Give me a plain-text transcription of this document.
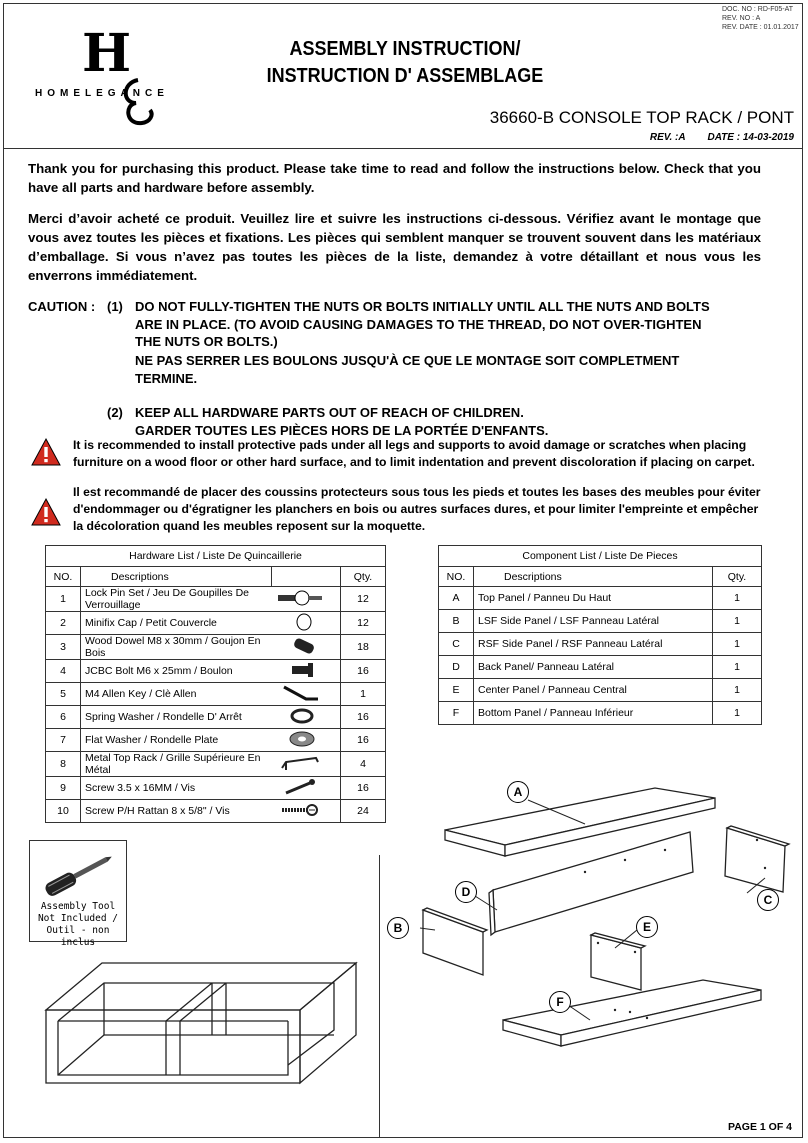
DOC. NO : RD-F05-AT
REV. NO : A
REV. DATE : 01.01.2017
H
HOMELEGANCE
ASSEMBLY INSTRUCTION/
INSTRUCTION D' ASSEMBLAGE
36660-B CONSOLE TOP RACK / PONT
REV. :A        DATE : 14-03-2019
Thank you for purchasing this product. Please take time to read and follow the instructions below. Check that you have all parts and hardware before assembly.
Merci d’avoir acheté ce produit. Veuillez lire et suivre les instructions ci-dessous. Vérifiez avant le montage que vous avez toutes les pièces et fixations. Les pièces qui semblent manquer se trouvent souvent dans les matériaux d’emballage. Si vous n’avez pas toutes les pièces de la liste, demandez à votre détaillant et nous vous les enverrons immédiatement.
CAUTION : (1) DO NOT FULLY-TIGHTEN THE NUTS OR BOLTS INITIALLY UNTIL ALL THE NUTS AND BOLTS
ARE IN PLACE. (TO AVOID CAUSING DAMAGES TO THE THREAD, DO NOT OVER-TIGHTEN
THE NUTS OR BOLTS.)
NE PAS SERRER LES BOULONS JUSQU'À CE QUE LE MONTAGE SOIT COMPLETMENT
TERMINE.
(2) KEEP ALL HARDWARE PARTS OUT OF REACH OF CHILDREN.
GARDER TOUTES LES PIÈCES HORS DE LA PORTÉE D'ENFANTS.
It is recommended to install protective pads under all legs and supports to avoid damage or scratches when placing furniture on a wood floor or other hard surface, and to limit indentation and prevent discoloration if placing on carpet.
Il est recommandé de placer des coussins protecteurs sous tous les pieds et toutes les bases des meubles pour éviter d'endommager ou d'égratigner les planchers en bois ou autres surfaces dures, et pour limiter l'empreinte et empêcher la décoloration quand les meubles reposent sur la moquette.
Hardware List / Liste De Quincaillerie			
NO.	Descriptions		Qty.
1	Lock Pin Set / Jeu De Goupilles De Verrouillage		12
2	Minifix Cap / Petit Couvercle		12
3	Wood Dowel M8 x 30mm / Goujon En Bois		18
4	JCBC Bolt M6 x 25mm / Boulon		16
5	M4 Allen Key / Clè Allen		1
6	Spring Washer / Rondelle D' Arrêt		16
7	Flat Washer / Rondelle Plate		16
8	Metal Top Rack / Grille Supérieure En Métal		4
9	Screw 3.5 x 16MM / Vis		16
10	Screw P/H Rattan 8 x 5/8" / Vis		24
Component List / Liste De Pieces		
NO.	Descriptions	Qty.
A	Top Panel / Panneu Du Haut	1
B	LSF Side Panel / LSF Panneau Latéral	1
C	RSF Side Panel / RSF Panneau Latéral	1
D	Back Panel/ Panneau Latéral	1
E	Center Panel / Panneau Central	1
F	Bottom Panel / Panneau Inférieur	1
Assembly Tool
Not Included /
Outil - non inclus
A
D
C
B	E
F
PAGE 1 OF 4
